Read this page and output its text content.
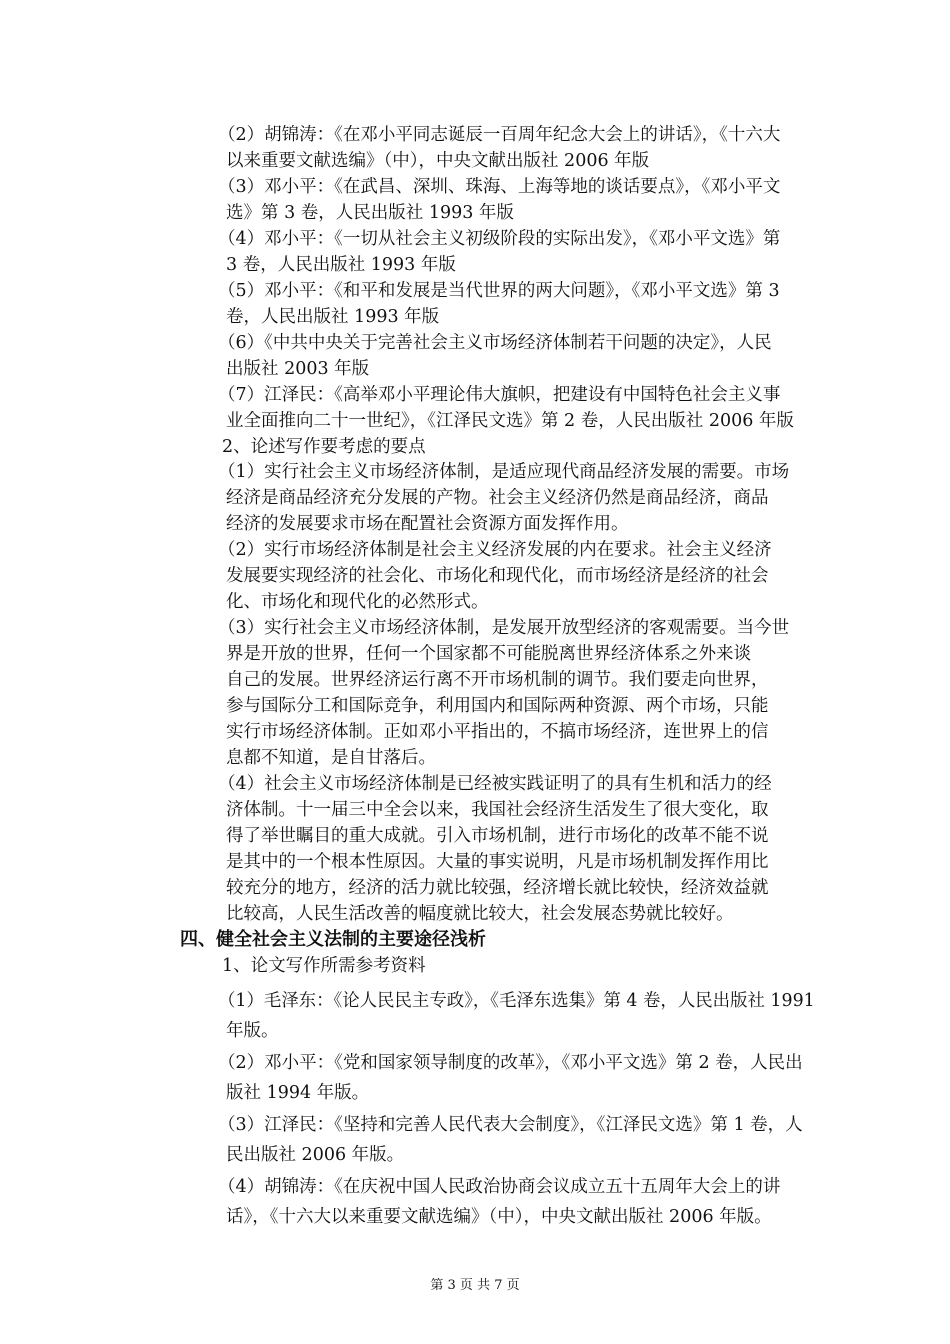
（2）胡锦涛：《在邓小平同志诞辰一百周年纪念大会上的讲话》，《十六大
以来重要文献选编》（中），中央文献出版社 2006 年版
（3）邓小平：《在武昌、深圳、珠海、上海等地的谈话要点》，《邓小平文
选》第 3 卷，人民出版社 1993 年版
（4）邓小平：《一切从社会主义初级阶段的实际出发》，《邓小平文选》第
3 卷，人民出版社 1993 年版
（5）邓小平：《和平和发展是当代世界的两大问题》，《邓小平文选》第 3
卷，人民出版社 1993 年版
（6）《中共中央关于完善社会主义市场经济体制若干问题的决定》，人民
出版社 2003 年版
（7）江泽民：《高举邓小平理论伟大旗帜，把建设有中国特色社会主义事
业全面推向二十一世纪》，《江泽民文选》第 2 卷，人民出版社 2006 年版
2、论述写作要考虑的要点
（1）实行社会主义市场经济体制，是适应现代商品经济发展的需要。市场
经济是商品经济充分发展的产物。社会主义经济仍然是商品经济，商品
经济的发展要求市场在配置社会资源方面发挥作用。
（2）实行市场经济体制是社会主义经济发展的内在要求。社会主义经济
发展要实现经济的社会化、市场化和现代化，而市场经济是经济的社会
化、市场化和现代化的必然形式。
（3）实行社会主义市场经济体制，是发展开放型经济的客观需要。当今世
界是开放的世界，任何一个国家都不可能脱离世界经济体系之外来谈
自己的发展。世界经济运行离不开市场机制的调节。我们要走向世界，
参与国际分工和国际竞争，利用国内和国际两种资源、两个市场，只能
实行市场经济体制。正如邓小平指出的，不搞市场经济，连世界上的信
息都不知道，是自甘落后。
（4）社会主义市场经济体制是已经被实践证明了的具有生机和活力的经
济体制。十一届三中全会以来，我国社会经济生活发生了很大变化，取
得了举世瞩目的重大成就。引入市场机制，进行市场化的改革不能不说
是其中的一个根本性原因。大量的事实说明，凡是市场机制发挥作用比
较充分的地方，经济的活力就比较强，经济增长就比较快，经济效益就
比较高，人民生活改善的幅度就比较大，社会发展态势就比较好。
四、健全社会主义法制的主要途径浅析
1、论文写作所需参考资料
（1）毛泽东：《论人民民主专政》，《毛泽东选集》第 4 卷，人民出版社 1991
年版。
（2）邓小平：《党和国家领导制度的改革》，《邓小平文选》第 2 卷，人民出
版社 1994 年版。
（3）江泽民：《坚持和完善人民代表大会制度》，《江泽民文选》第 1 卷，人
民出版社 2006 年版。
（4）胡锦涛：《在庆祝中国人民政治协商会议成立五十五周年大会上的讲
话》，《十六大以来重要文献选编》（中），中央文献出版社 2006 年版。
第 3 页 共 7 页
